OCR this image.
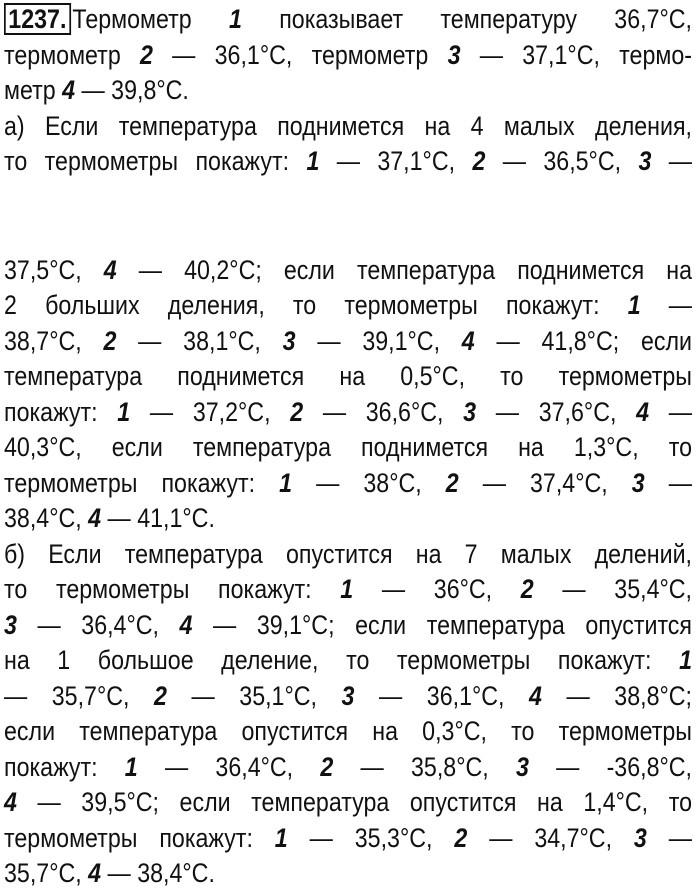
1237. Термометр 1 показывает температуру 36,7°С,
термометр 2 — 36,1°С, термометр 3 — 37,1°С, термо-
метр 4 — 39,8°С.
а) Если температура поднимется на 4 малых деления,
то термометры покажут: 1 — 37,1°С, 2 — 36,5°С, 3 —
37,5°С, 4 — 40,2°С; если температура поднимется на
2 больших деления, то термометры покажут: 1 —
38,7°С, 2 — 38,1°С, 3 — 39,1°С, 4 — 41,8°С; если
температура поднимется на 0,5°С, то термометры
покажут: 1 — 37,2°С, 2 — 36,6°С, 3 — 37,6°С, 4 —
40,3°С, если температура поднимется на 1,3°С, то
термометры покажут: 1 — 38°С, 2 — 37,4°С, 3 —
38,4°С, 4 — 41,1°С.
б) Если температура опустится на 7 малых делений,
то термометры покажут: 1 — 36°С, 2 — 35,4°С,
3 — 36,4°С, 4 — 39,1°С; если температура опустится
на 1 большое деление, то термометры покажут: 1
— 35,7°С, 2 — 35,1°С, 3 — 36,1°С, 4 — 38,8°С;
если температура опустится на 0,3°С, то термометры
покажут: 1 — 36,4°С, 2 — 35,8°С, 3 — -36,8°С,
4 — 39,5°С; если температура опустится на 1,4°С, то
термометры покажут: 1 — 35,3°С, 2 — 34,7°С, 3 —
35,7°С, 4 — 38,4°С.
